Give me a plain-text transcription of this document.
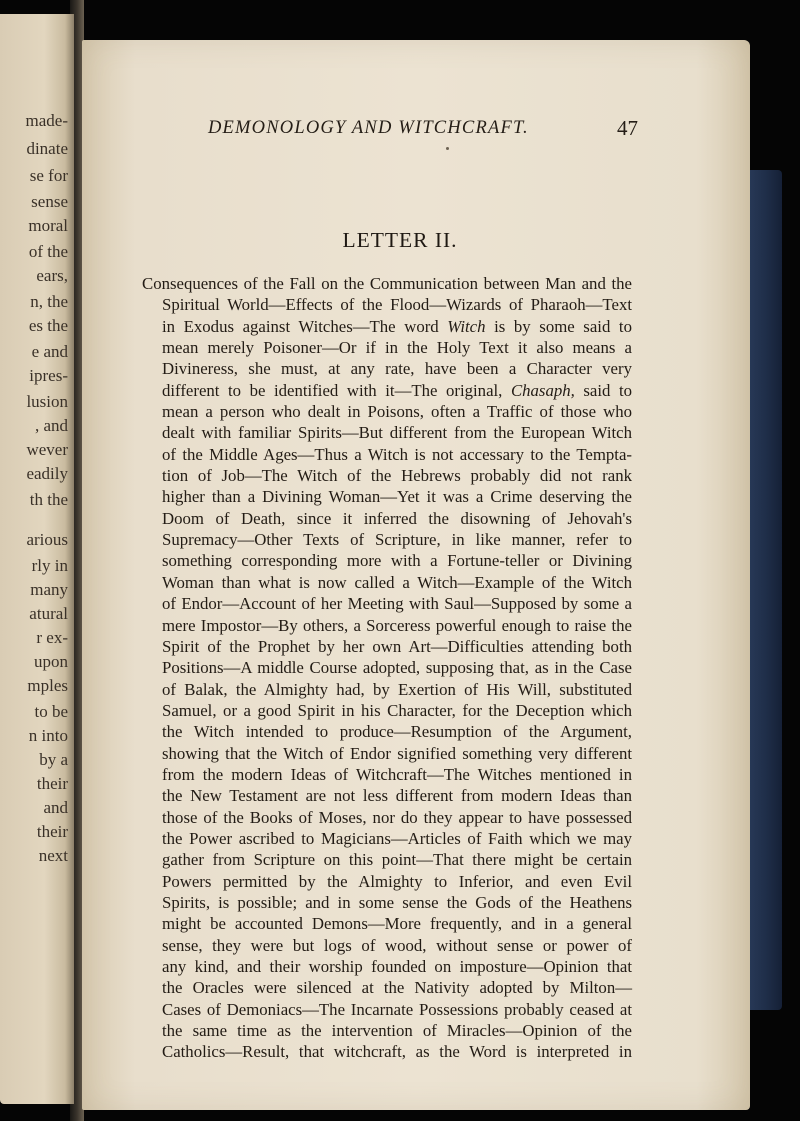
made-
dinate
se for
sense
moral
of the
ears,
n, the
es the
e and
ipres-
lusion
, and
wever
eadily
th the
arious
rly in
many
atural
r ex-
upon
mples
to be
n into
by a
their
and
their
next
DEMONOLOGY AND WITCHCRAFT.	47
LETTER II.
Consequences of the Fall on the Communication between Man and the
Spiritual World—Effects of the Flood—Wizards of Pharaoh—Text
in Exodus against Witches—The word Witch is by some said to
mean merely Poisoner—Or if in the Holy Text it also means a
Divineress, she must, at any rate, have been a Character very
different to be identified with it—The original, Chasaph, said to
mean a person who dealt in Poisons, often a Traffic of those who
dealt with familiar Spirits—But different from the European Witch
of the Middle Ages—Thus a Witch is not accessary to the Tempta-
tion of Job—The Witch of the Hebrews probably did not rank
higher than a Divining Woman—Yet it was a Crime deserving the
Doom of Death, since it inferred the disowning of Jehovah's
Supremacy—Other Texts of Scripture, in like manner, refer to
something corresponding more with a Fortune-teller or Divining
Woman than what is now called a Witch—Example of the Witch
of Endor—Account of her Meeting with Saul—Supposed by some a
mere Impostor—By others, a Sorceress powerful enough to raise the
Spirit of the Prophet by her own Art—Difficulties attending both
Positions—A middle Course adopted, supposing that, as in the Case
of Balak, the Almighty had, by Exertion of His Will, substituted
Samuel, or a good Spirit in his Character, for the Deception which
the Witch intended to produce—Resumption of the Argument,
showing that the Witch of Endor signified something very different
from the modern Ideas of Witchcraft—The Witches mentioned in
the New Testament are not less different from modern Ideas than
those of the Books of Moses, nor do they appear to have possessed
the Power ascribed to Magicians—Articles of Faith which we may
gather from Scripture on this point—That there might be certain
Powers permitted by the Almighty to Inferior, and even Evil
Spirits, is possible; and in some sense the Gods of the Heathens
might be accounted Demons—More frequently, and in a general
sense, they were but logs of wood, without sense or power of
any kind, and their worship founded on imposture—Opinion that
the Oracles were silenced at the Nativity adopted by Milton—
Cases of Demoniacs—The Incarnate Possessions probably ceased at
the same time as the intervention of Miracles—Opinion of the
Catholics—Result, that witchcraft, as the Word is interpreted in
